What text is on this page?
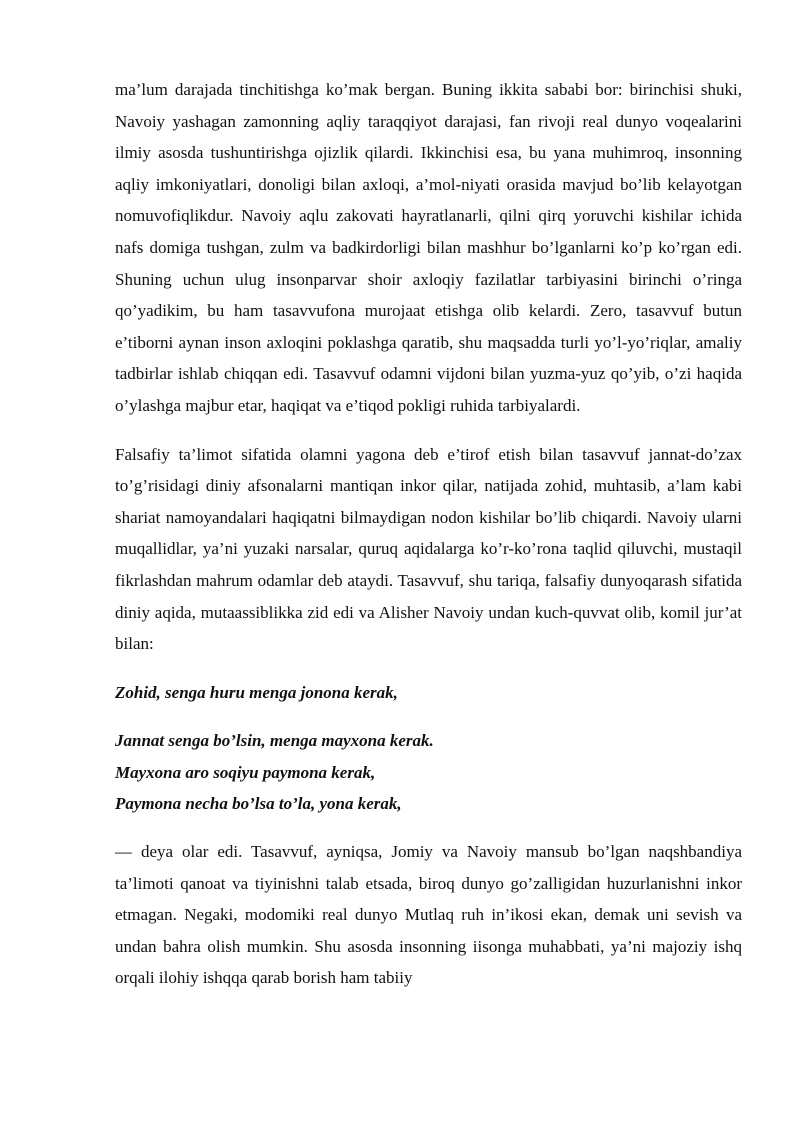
ma’lum darajada tinchitishga ko’mak bergan. Buning ikkita sababi bor: birinchisi shuki, Navoiy yashagan zamonning aqliy taraqqiyot darajasi, fan rivoji real dunyo voqealarini ilmiy asosda tushuntirishga ojizlik qilardi. Ikkinchisi esa, bu yana muhimroq, insonning aqliy imkoniyatlari, donoligi bilan axloqi, a’mol-niyati orasida mavjud bo’lib kelayotgan nomuvofiqlikdur. Navoiy aqlu zakovati hayratlanarli, qilni qirq yoruvchi kishilar ichida nafs domiga tushgan, zulm va badkirdorligi bilan mashhur bo’lganlarni ko’p ko’rgan edi. Shuning uchun ulug insonparvar shoir axloqiy fazilatlar tarbiyasini birinchi o’ringa qo’yadikim, bu ham tasavvufona murojaat etishga olib kelardi. Zero, tasavvuf butun e’tiborni aynan inson axloqini poklashga qaratib, shu maqsadda turli yo’l-yo’riqlar, amaliy tadbirlar ishlab chiqqan edi. Tasavvuf odamni vijdoni bilan yuzma-yuz qo’yib, o’zi haqida o’ylashga majbur etar, haqiqat va e’tiqod pokligi ruhida tarbiyalardi.

Falsafiy ta’limot sifatida olamni yagona deb e’tirof etish bilan tasavvuf jannat-do’zax to’g’risidagi diniy afsonalarni mantiqan inkor qilar, natijada zohid, muhtasib, a’lam kabi shariat namoyandalari haqiqatni bilmaydigan nodon kishilar bo’lib chiqardi. Navoiy ularni muqallidlar, ya’ni yuzaki narsalar, quruq aqidalarga ko’r-ko’rona taqlid qiluvchi, mustaqil fikrlashdan mahrum odamlar deb ataydi. Tasavvuf, shu tariqa, falsafiy dunyoqarash sifatida diniy aqida, mutaassiblikka zid edi va Alisher Navoiy undan kuch-quvvat olib, komil jur’at bilan:

Zohid, senga huru menga jonona kerak,

Jannat senga bo’lsin, menga mayxona kerak.

Mayxona aro soqiyu paymona kerak,

Paymona necha bo’lsa to’la, yona kerak,

— deya olar edi. Tasavvuf, ayniqsa, Jomiy va Navoiy mansub bo’lgan naqshbandiya ta’limoti qanoat va tiyinishni talab etsada, biroq dunyo go’zalligidan huzurlanishni inkor etmagan. Negaki, modomiki real dunyo Mutlaq ruh in’ikosi ekan, demak uni sevish va undan bahra olish mumkin. Shu asosda insonning iisonga muhabbati, ya’ni majoziy ishq orqali ilohiy ishqqa qarab borish ham tabiiy
